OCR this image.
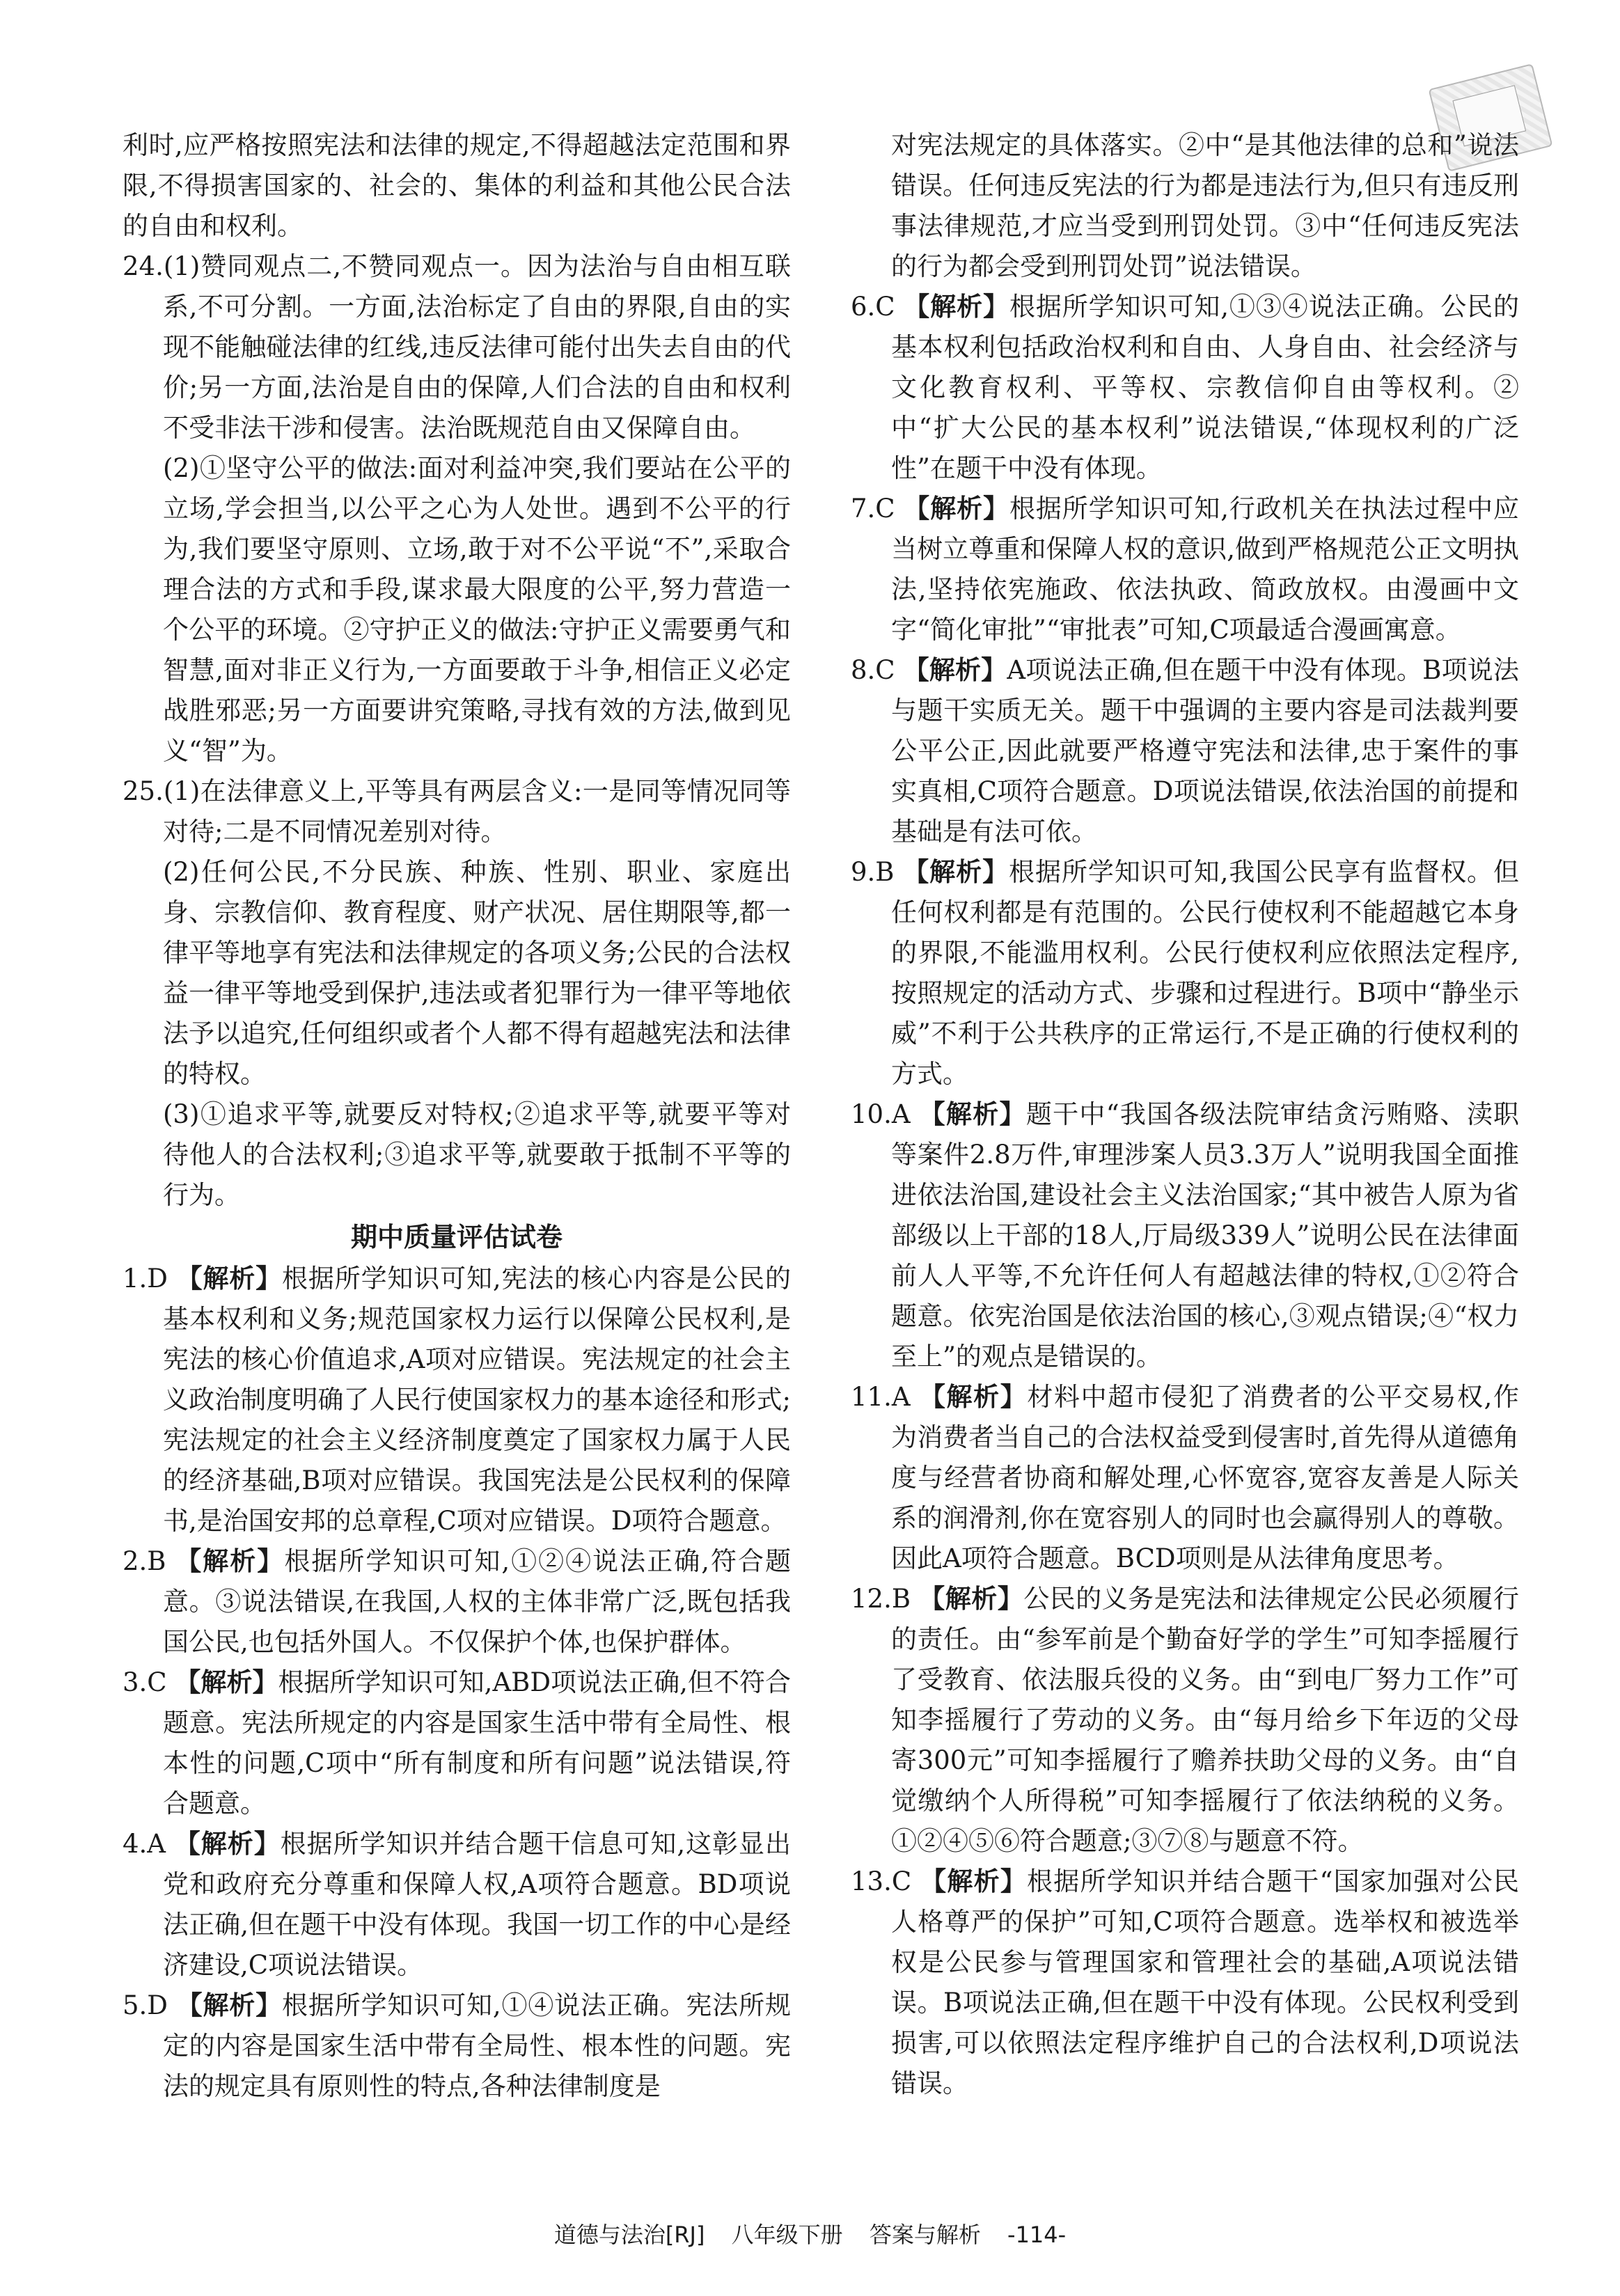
利时,应严格按照宪法和法律的规定,不得超越法定范围和界限,不得损害国家的、社会的、集体的利益和其他公民合法的自由和权利。

24.(1)赞同观点二,不赞同观点一。因为法治与自由相互联系,不可分割。一方面,法治标定了自由的界限,自由的实现不能触碰法律的红线,违反法律可能付出失去自由的代价;另一方面,法治是自由的保障,人们合法的自由和权利不受非法干涉和侵害。法治既规范自由又保障自由。

(2)①坚守公平的做法:面对利益冲突,我们要站在公平的立场,学会担当,以公平之心为人处世。遇到不公平的行为,我们要坚守原则、立场,敢于对不公平说“不”,采取合理合法的方式和手段,谋求最大限度的公平,努力营造一个公平的环境。②守护正义的做法:守护正义需要勇气和智慧,面对非正义行为,一方面要敢于斗争,相信正义必定战胜邪恶;另一方面要讲究策略,寻找有效的方法,做到见义“智”为。

25.(1)在法律意义上,平等具有两层含义:一是同等情况同等对待;二是不同情况差别对待。

(2)任何公民,不分民族、种族、性别、职业、家庭出身、宗教信仰、教育程度、财产状况、居住期限等,都一律平等地享有宪法和法律规定的各项义务;公民的合法权益一律平等地受到保护,违法或者犯罪行为一律平等地依法予以追究,任何组织或者个人都不得有超越宪法和法律的特权。

(3)①追求平等,就要反对特权;②追求平等,就要平等对待他人的合法权利;③追求平等,就要敢于抵制不平等的行为。

期中质量评估试卷

1.D 【解析】根据所学知识可知,宪法的核心内容是公民的基本权利和义务;规范国家权力运行以保障公民权利,是宪法的核心价值追求,A项对应错误。宪法规定的社会主义政治制度明确了人民行使国家权力的基本途径和形式;宪法规定的社会主义经济制度奠定了国家权力属于人民的经济基础,B项对应错误。我国宪法是公民权利的保障书,是治国安邦的总章程,C项对应错误。D项符合题意。

2.B 【解析】根据所学知识可知,①②④说法正确,符合题意。③说法错误,在我国,人权的主体非常广泛,既包括我国公民,也包括外国人。不仅保护个体,也保护群体。

3.C 【解析】根据所学知识可知,ABD项说法正确,但不符合题意。宪法所规定的内容是国家生活中带有全局性、根本性的问题,C项中“所有制度和所有问题”说法错误,符合题意。

4.A 【解析】根据所学知识并结合题干信息可知,这彰显出党和政府充分尊重和保障人权,A项符合题意。BD项说法正确,但在题干中没有体现。我国一切工作的中心是经济建设,C项说法错误。

5.D 【解析】根据所学知识可知,①④说法正确。宪法所规定的内容是国家生活中带有全局性、根本性的问题。宪法的规定具有原则性的特点,各种法律制度是

对宪法规定的具体落实。②中“是其他法律的总和”说法错误。任何违反宪法的行为都是违法行为,但只有违反刑事法律规范,才应当受到刑罚处罚。③中“任何违反宪法的行为都会受到刑罚处罚”说法错误。

6.C 【解析】根据所学知识可知,①③④说法正确。公民的基本权利包括政治权利和自由、人身自由、社会经济与文化教育权利、平等权、宗教信仰自由等权利。②中“扩大公民的基本权利”说法错误,“体现权利的广泛性”在题干中没有体现。

7.C 【解析】根据所学知识可知,行政机关在执法过程中应当树立尊重和保障人权的意识,做到严格规范公正文明执法,坚持依宪施政、依法执政、简政放权。由漫画中文字“简化审批”“审批表”可知,C项最适合漫画寓意。

8.C 【解析】A项说法正确,但在题干中没有体现。B项说法与题干实质无关。题干中强调的主要内容是司法裁判要公平公正,因此就要严格遵守宪法和法律,忠于案件的事实真相,C项符合题意。D项说法错误,依法治国的前提和基础是有法可依。

9.B 【解析】根据所学知识可知,我国公民享有监督权。但任何权利都是有范围的。公民行使权利不能超越它本身的界限,不能滥用权利。公民行使权利应依照法定程序,按照规定的活动方式、步骤和过程进行。B项中“静坐示威”不利于公共秩序的正常运行,不是正确的行使权利的方式。

10.A 【解析】题干中“我国各级法院审结贪污贿赂、渎职等案件2.8万件,审理涉案人员3.3万人”说明我国全面推进依法治国,建设社会主义法治国家;“其中被告人原为省部级以上干部的18人,厅局级339人”说明公民在法律面前人人平等,不允许任何人有超越法律的特权,①②符合题意。依宪治国是依法治国的核心,③观点错误;④“权力至上”的观点是错误的。

11.A 【解析】材料中超市侵犯了消费者的公平交易权,作为消费者当自己的合法权益受到侵害时,首先得从道德角度与经营者协商和解处理,心怀宽容,宽容友善是人际关系的润滑剂,你在宽容别人的同时也会赢得别人的尊敬。因此A项符合题意。BCD项则是从法律角度思考。

12.B 【解析】公民的义务是宪法和法律规定公民必须履行的责任。由“参军前是个勤奋好学的学生”可知李摇履行了受教育、依法服兵役的义务。由“到电厂努力工作”可知李摇履行了劳动的义务。由“每月给乡下年迈的父母寄300元”可知李摇履行了赡养扶助父母的义务。由“自觉缴纳个人所得税”可知李摇履行了依法纳税的义务。①②④⑤⑥符合题意;③⑦⑧与题意不符。

13.C 【解析】根据所学知识并结合题干“国家加强对公民人格尊严的保护”可知,C项符合题意。选举权和被选举权是公民参与管理国家和管理社会的基础,A项说法错误。B项说法正确,但在题干中没有体现。公民权利受到损害,可以依照法定程序维护自己的合法权利,D项说法错误。

道德与法治[RJ] 八年级下册 答案与解析 -114-
